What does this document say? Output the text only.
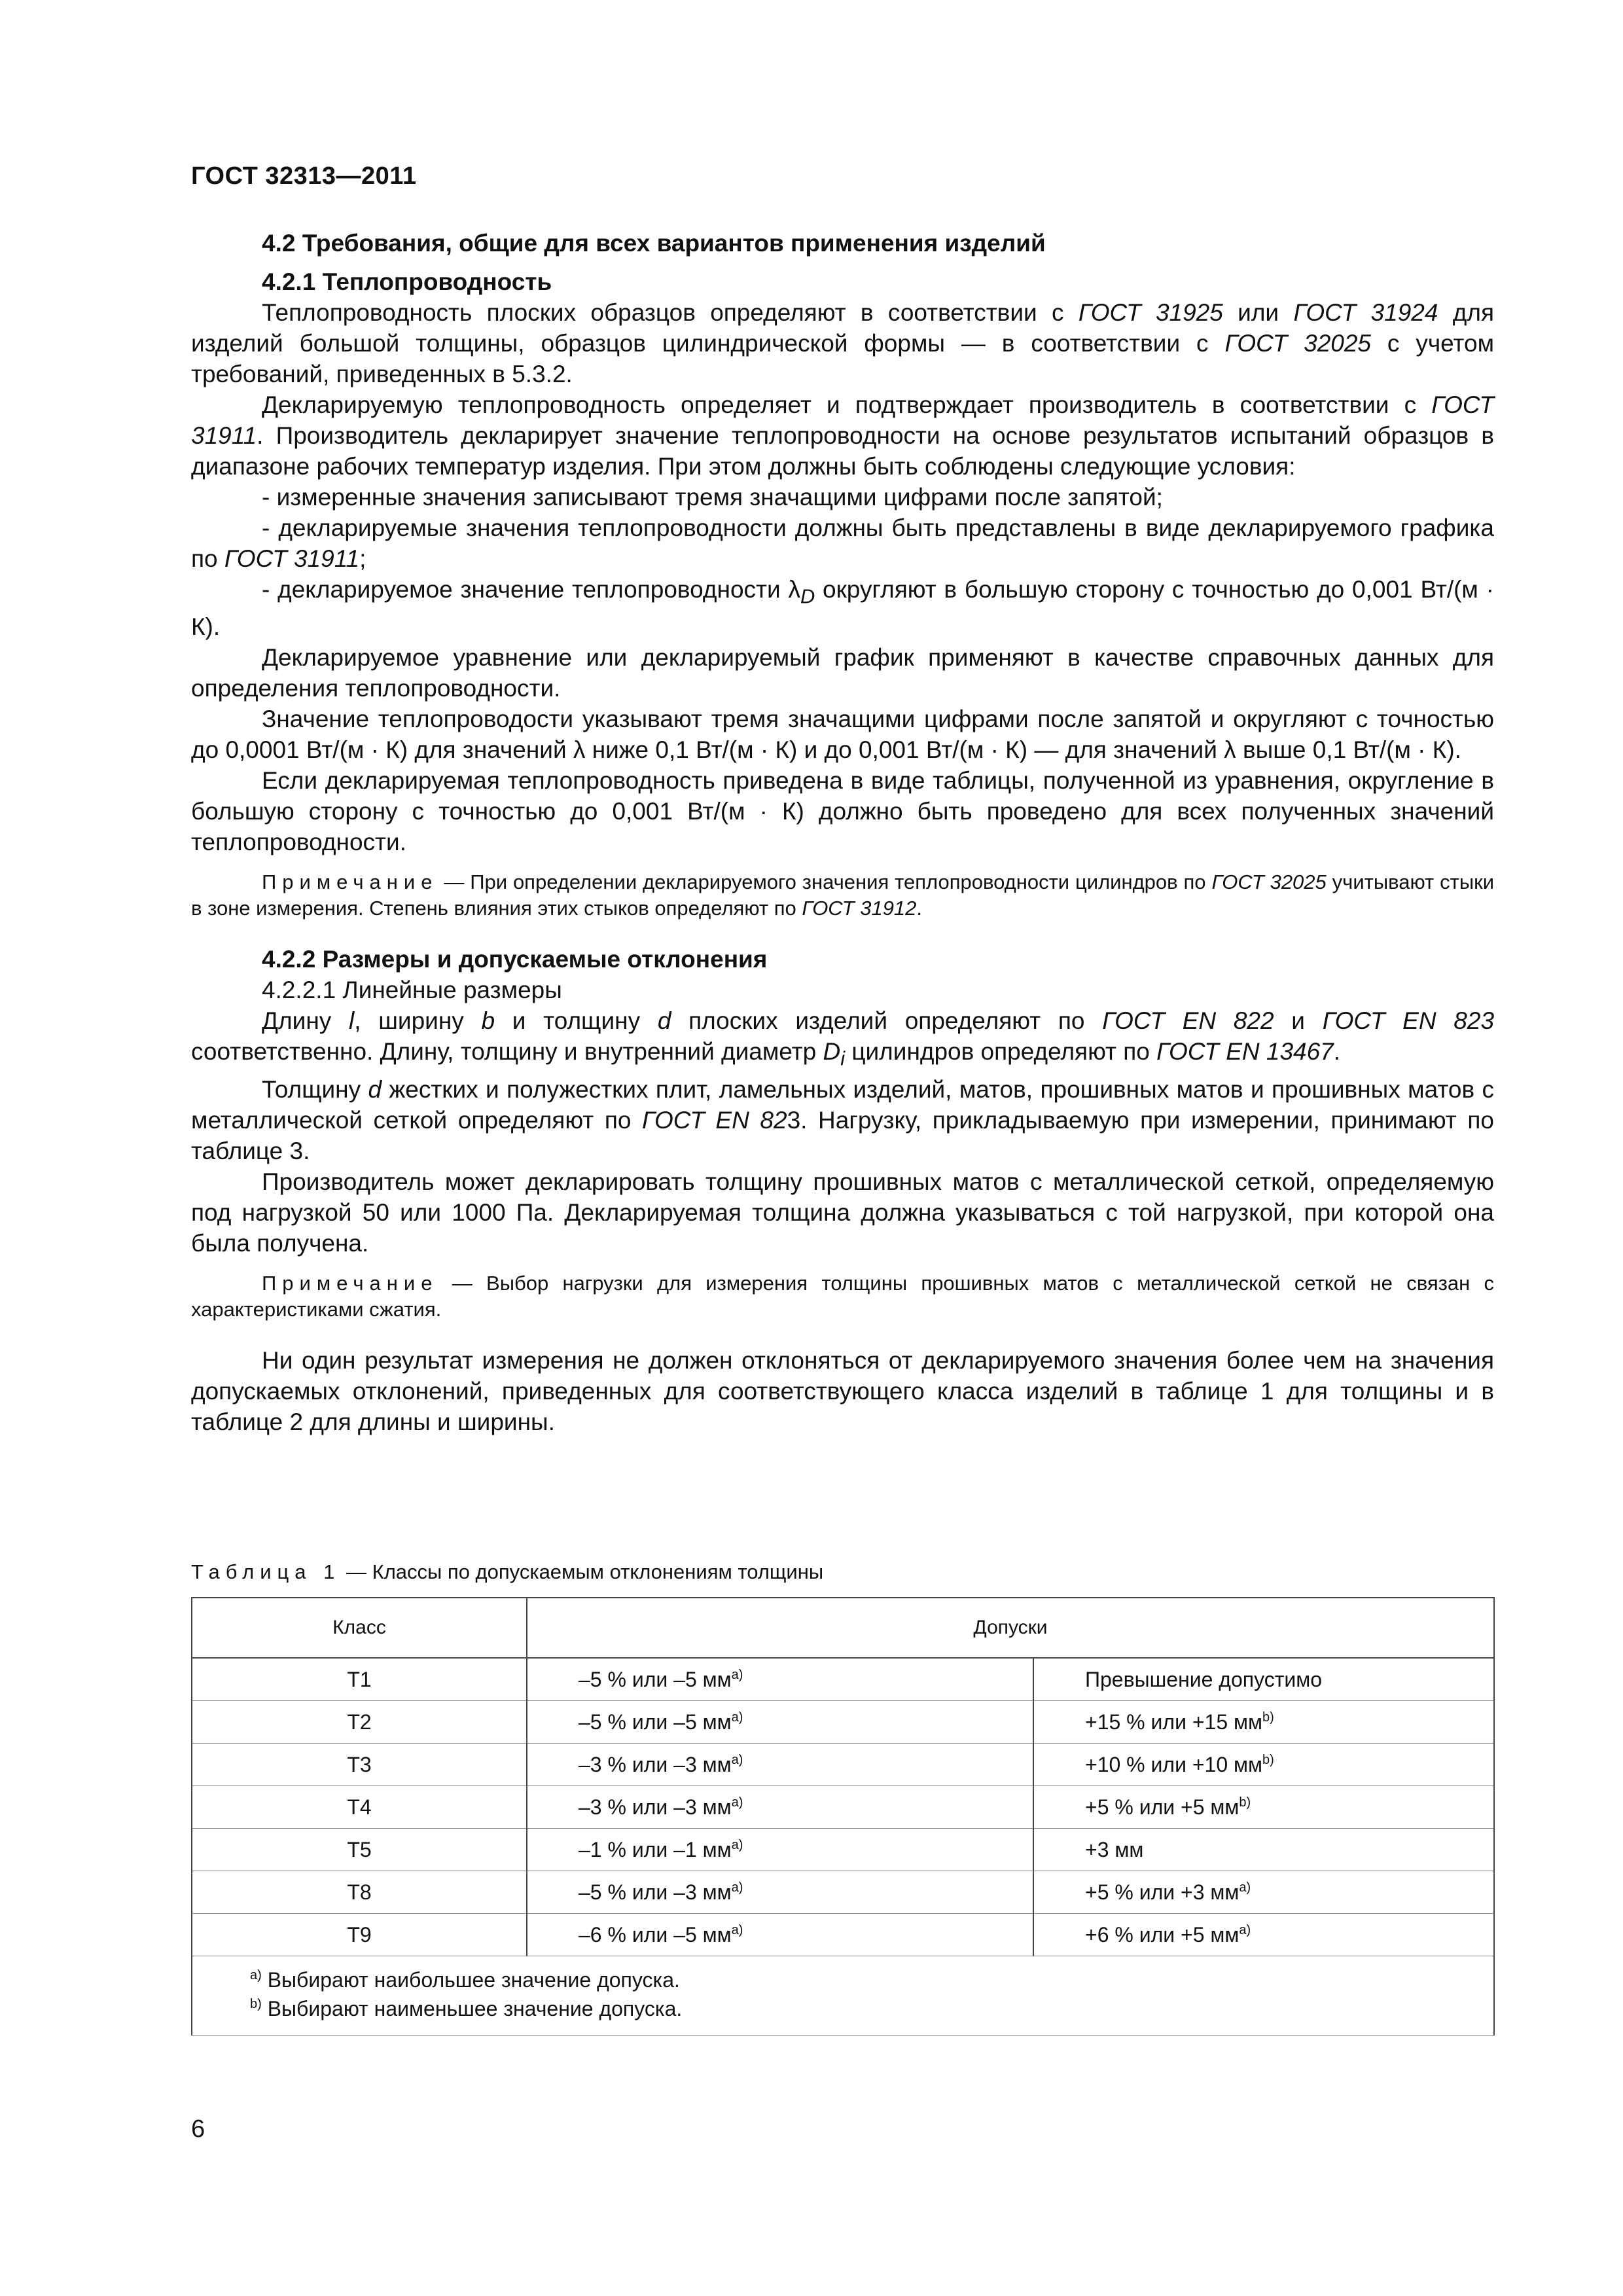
ГОСТ 32313—2011

4.2 Требования, общие для всех вариантов применения изделий

4.2.1 Теплопроводность

Теплопроводность плоских образцов определяют в соответствии с ГОСТ 31925 или ГОСТ 31924 для изделий большой толщины, образцов цилиндрической формы — в соответствии с ГОСТ 32025 с учетом требований, приведенных в 5.3.2.

Декларируемую теплопроводность определяет и подтверждает производитель в соответствии с ГОСТ 31911. Производитель декларирует значение теплопроводности на основе результатов испытаний образцов в диапазоне рабочих температур изделия. При этом должны быть соблюдены следующие условия:

- измеренные значения записывают тремя значащими цифрами после запятой;

- декларируемые значения теплопроводности должны быть представлены в виде декларируемого графика по ГОСТ 31911;

- декларируемое значение теплопроводности $\lambda_D$ округляют в большую сторону с точностью до 0,001 Вт/(м · К).

Декларируемое уравнение или декларируемый график применяют в качестве справочных данных для определения теплопроводности.

Значение теплопроводости указывают тремя значащими цифрами после запятой и округляют с точностью до 0,0001 Вт/(м · К) для значений λ ниже 0,1 Вт/(м · К) и до 0,001 Вт/(м · К) — для значений λ выше 0,1 Вт/(м · К).

Если декларируемая теплопроводность приведена в виде таблицы, полученной из уравнения, округление в большую сторону с точностью до 0,001 Вт/(м · К) должно быть проведено для всех полученных значений теплопроводности.

Примечание — При определении декларируемого значения теплопроводности цилиндров по ГОСТ 32025 учитывают стыки в зоне измерения. Степень влияния этих стыков определяют по ГОСТ 31912.

4.2.2 Размеры и допускаемые отклонения

4.2.2.1 Линейные размеры

Длину l, ширину b и толщину d плоских изделий определяют по ГОСТ EN 822 и ГОСТ EN 823 соответственно. Длину, толщину и внутренний диаметр $D_i$ цилиндров определяют по ГОСТ EN 13467.

Толщину d жестких и полужестких плит, ламельных изделий, матов, прошивных матов и прошивных матов с металлической сеткой определяют по ГОСТ EN 823. Нагрузку, прикладываемую при измерении, принимают по таблице 3.

Производитель может декларировать толщину прошивных матов с металлической сеткой, определяемую под нагрузкой 50 или 1000 Па. Декларируемая толщина должна указываться с той нагрузкой, при которой она была получена.

Примечание — Выбор нагрузки для измерения толщины прошивных матов с металлической сеткой не связан с характеристиками сжатия.

Ни один результат измерения не должен отклоняться от декларируемого значения более чем на значения допускаемых отклонений, приведенных для соответствующего класса изделий в таблице 1 для толщины и в таблице 2 для длины и ширины.

Таблица 1 — Классы по допускаемым отклонениям толщины
Класс	Допуски	
T1	–5 % или –5 $мм^{a)}$	Превышение допустимо
T2	–5 % или –5 $мм^{a)}$	+15 % или +15 $мм^{b)}$
T3	–3 % или –3 $мм^{a)}$	+10 % или +10 $мм^{b)}$
T4	–3 % или –3 $мм^{a)}$	+5 % или +5 $мм^{b)}$
T5	–1 % или –1 $мм^{a)}$	+3 мм
T8	–5 % или –3 $мм^{a)}$	+5 % или +3 $мм^{a)}$
T9	–6 % или –5 $мм^{a)}$	+6 % или +5 $мм^{a)}$

$^{a)}$ Выбирают наибольшее значение допуска.
$^{b)}$ Выбирают наименьшее значение допуска.		
6
